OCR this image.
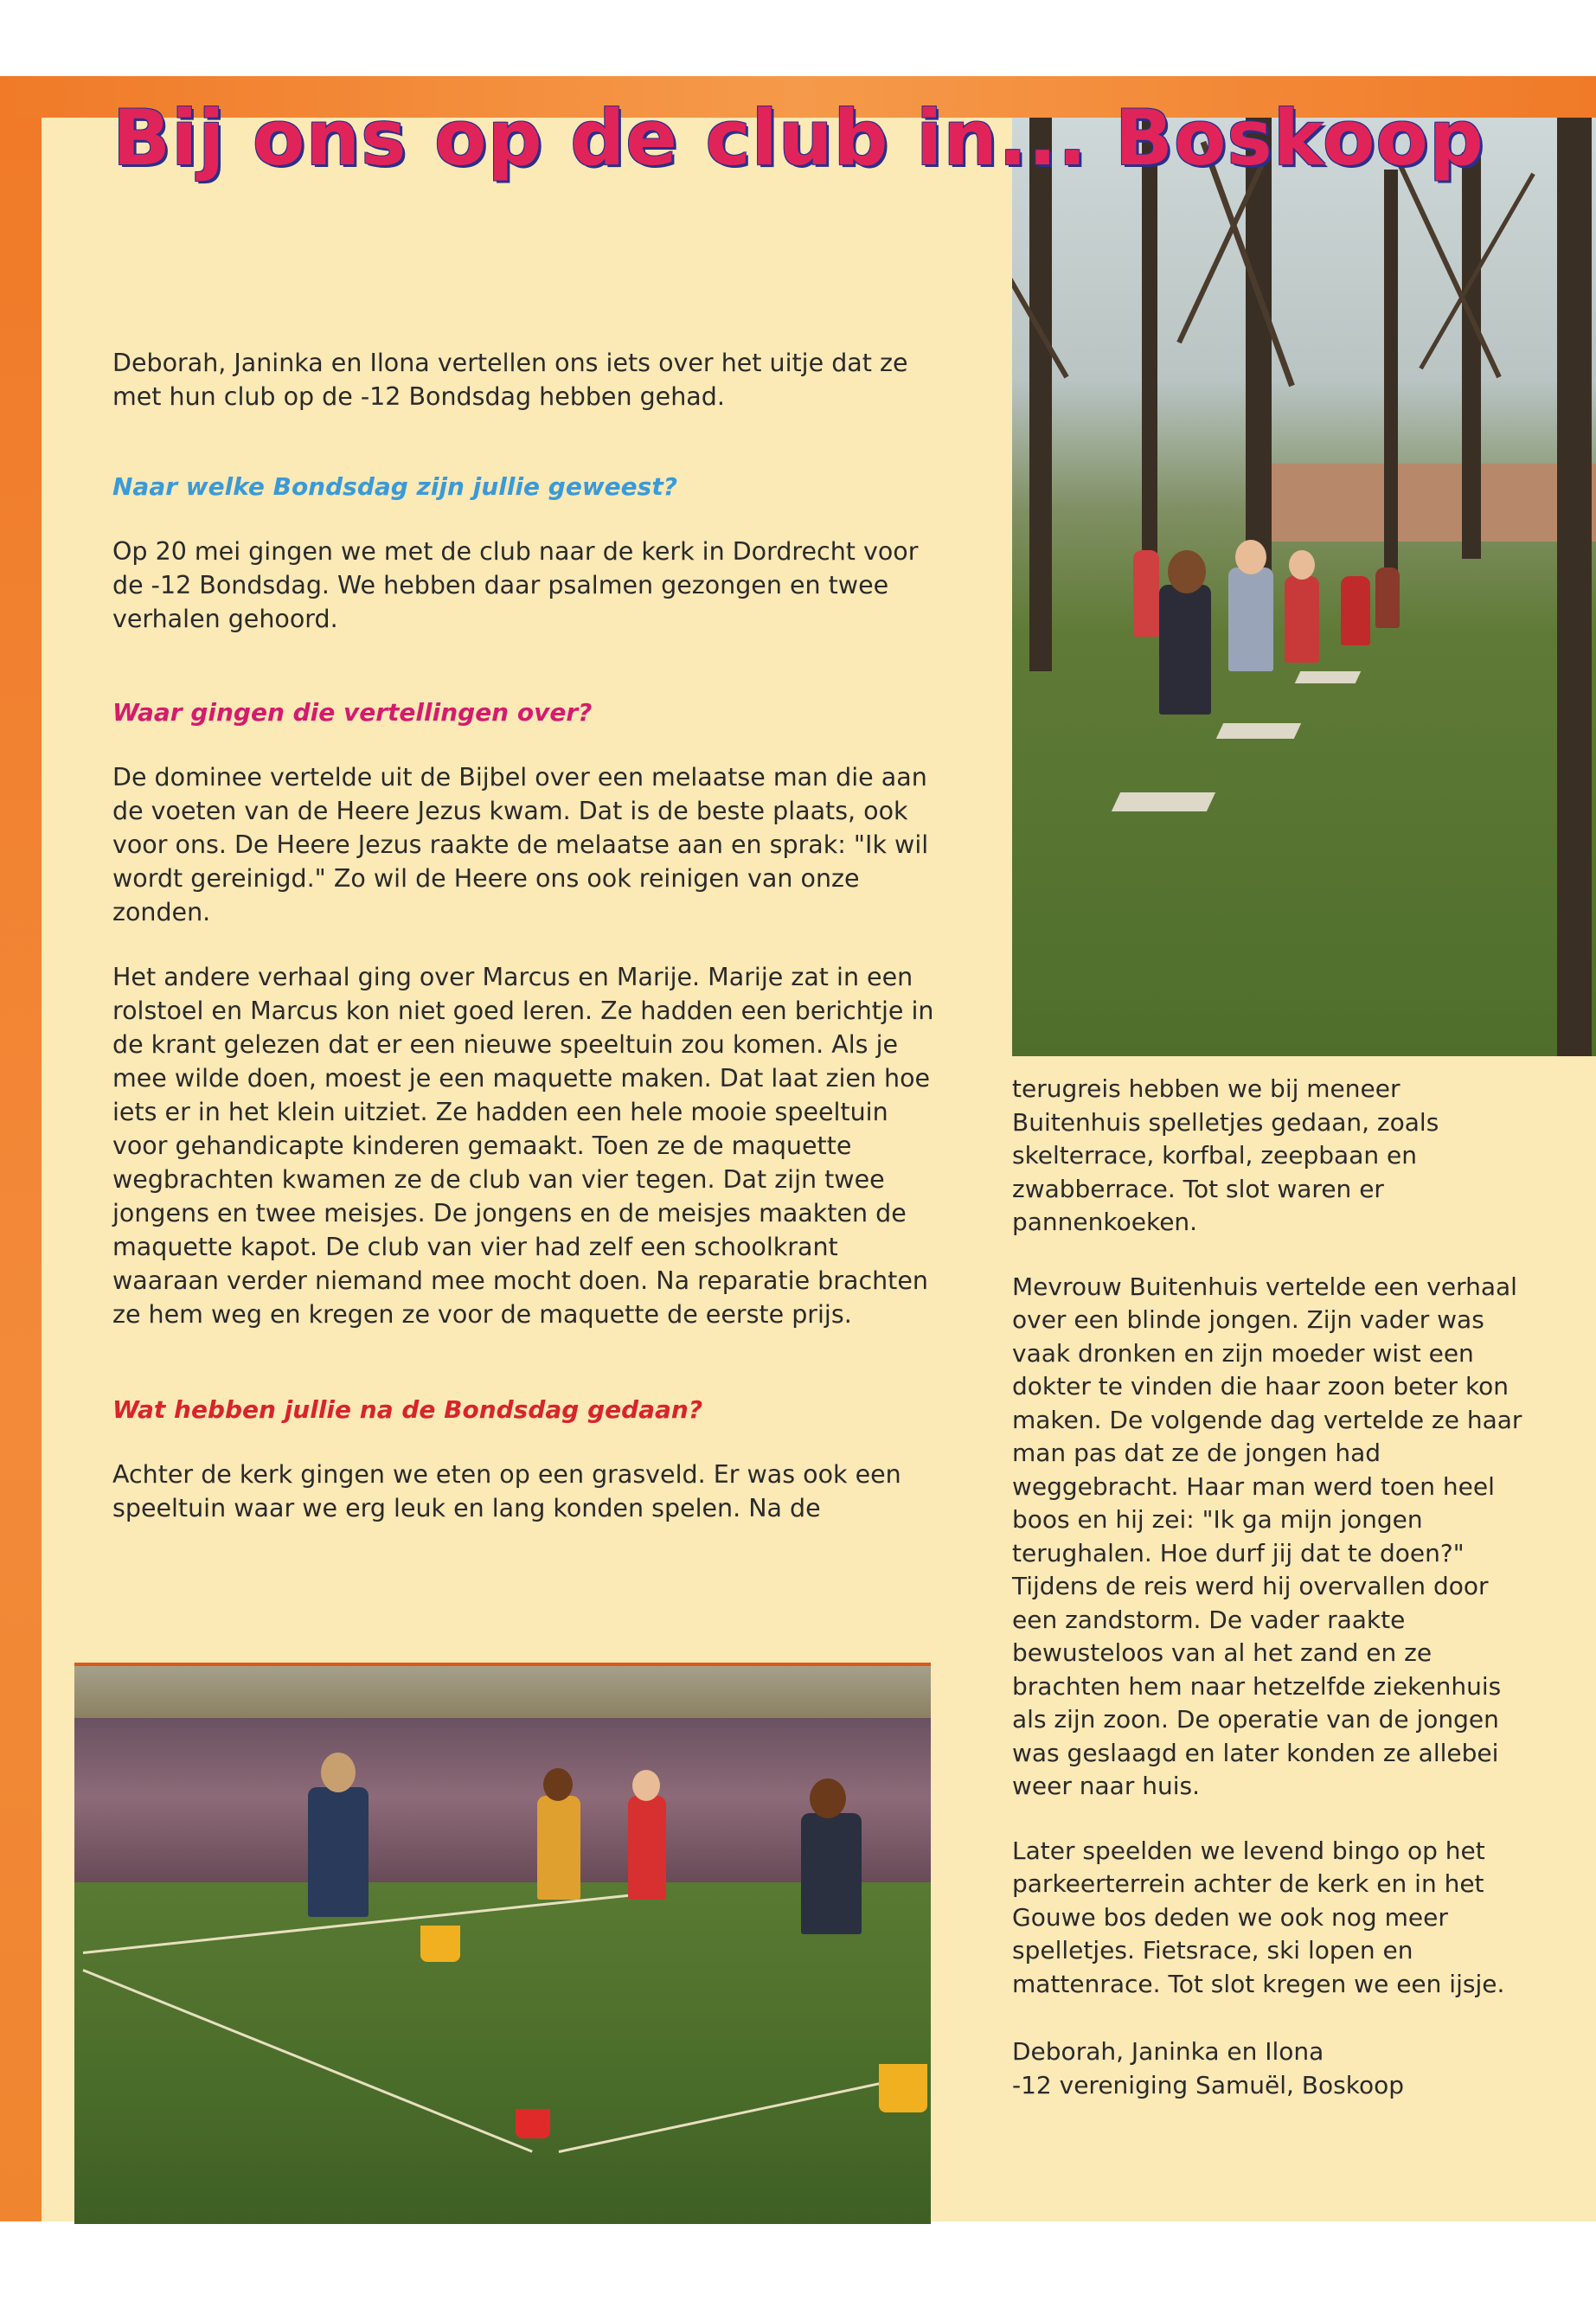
Bij ons op de club in... Boskoop

Deborah, Janinka en Ilona vertellen ons iets over het uitje dat ze met hun club op de -12 Bondsdag hebben gehad.

Naar welke Bondsdag zijn jullie geweest?

Op 20 mei gingen we met de club naar de kerk in Dordrecht voor de -12 Bondsdag. We hebben daar psalmen gezongen en twee verhalen gehoord.

Waar gingen die vertellingen over?

De dominee vertelde uit de Bijbel over een melaatse man die aan de voeten van de Heere Jezus kwam. Dat is de beste plaats, ook voor ons. De Heere Jezus raakte de melaatse aan en sprak: "Ik wil wordt gereinigd." Zo wil de Heere ons ook reinigen van onze zonden.

Het andere verhaal ging over Marcus en Marije. Marije zat in een rolstoel en Marcus kon niet goed leren. Ze hadden een berichtje in de krant gelezen dat er een nieuwe speeltuin zou komen. Als je mee wilde doen, moest je een maquette maken. Dat laat zien hoe iets er in het klein uitziet. Ze hadden een hele mooie speeltuin voor gehandicapte kinderen gemaakt. Toen ze de maquette wegbrachten kwamen ze de club van vier tegen. Dat zijn twee jongens en twee meisjes. De jongens en de meisjes maakten de maquette kapot. De club van vier had zelf een schoolkrant waaraan verder niemand mee mocht doen. Na reparatie brachten ze hem weg en kregen ze voor de maquette de eerste prijs.

Wat hebben jullie na de Bondsdag gedaan?

Achter de kerk gingen we eten op een grasveld. Er was ook een speeltuin waar we erg leuk en lang konden spelen. Na de

terugreis hebben we bij meneer Buitenhuis spelletjes gedaan, zoals skelterrace, korfbal, zeepbaan en zwabberrace. Tot slot waren er pannenkoeken.

Mevrouw Buitenhuis vertelde een verhaal over een blinde jongen. Zijn vader was vaak dronken en zijn moeder wist een dokter te vinden die haar zoon beter kon maken. De volgende dag vertelde ze haar man pas dat ze de jongen had weggebracht. Haar man werd toen heel boos en hij zei: "Ik ga mijn jongen terughalen. Hoe durf jij dat te doen?" Tijdens de reis werd hij overvallen door een zandstorm. De vader raakte bewusteloos van al het zand en ze brachten hem naar hetzelfde ziekenhuis als zijn zoon. De operatie van de jongen was geslaagd en later konden ze allebei weer naar huis.

Later speelden we levend bingo op het parkeerterrein achter de kerk en in het Gouwe bos deden we ook nog meer spelletjes. Fietsrace, ski lopen en mattenrace. Tot slot kregen we een ijsje.

Deborah, Janinka en Ilona

-12 vereniging Samuël, Boskoop
